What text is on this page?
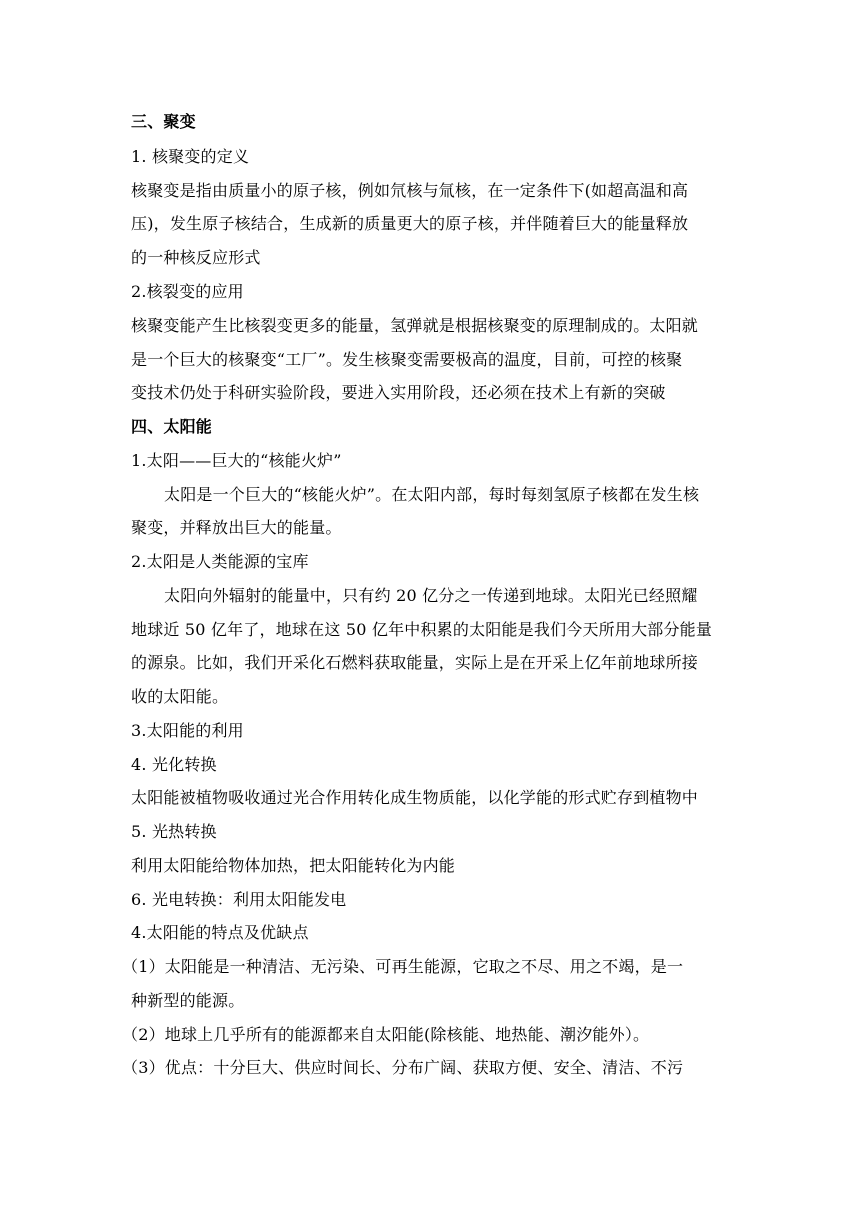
三、聚变
1. 核聚变的定义
核聚变是指由质量小的原子核，例如氘核与氚核，在一定条件下(如超高温和高
压)，发生原子核结合，生成新的质量更大的原子核，并伴随着巨大的能量释放
的一种核反应形式
2.核裂变的应用
核聚变能产生比核裂变更多的能量，氢弹就是根据核聚变的原理制成的。太阳就
是一个巨大的核聚变“工厂”。发生核聚变需要极高的温度，目前，可控的核聚
变技术仍处于科研实验阶段，要进入实用阶段，还必须在技术上有新的突破
四、太阳能
1.太阳——巨大的“核能火炉”
太阳是一个巨大的“核能火炉”。在太阳内部，每时每刻氢原子核都在发生核
聚变，并释放出巨大的能量。
2.太阳是人类能源的宝库
太阳向外辐射的能量中，只有约 20 亿分之一传递到地球。太阳光已经照耀
地球近 50 亿年了，地球在这 50 亿年中积累的太阳能是我们今天所用大部分能量
的源泉。比如，我们开采化石燃料获取能量，实际上是在开采上亿年前地球所接
收的太阳能。
3.太阳能的利用
4. 光化转换
太阳能被植物吸收通过光合作用转化成生物质能，以化学能的形式贮存到植物中
5. 光热转换
利用太阳能给物体加热，把太阳能转化为内能
6. 光电转换：利用太阳能发电
4.太阳能的特点及优缺点
（1）太阳能是一种清洁、无污染、可再生能源，它取之不尽、用之不竭，是一
种新型的能源。
（2）地球上几乎所有的能源都来自太阳能(除核能、地热能、潮汐能外）。
（3）优点：十分巨大、供应时间长、分布广阔、获取方便、安全、清洁、不污
